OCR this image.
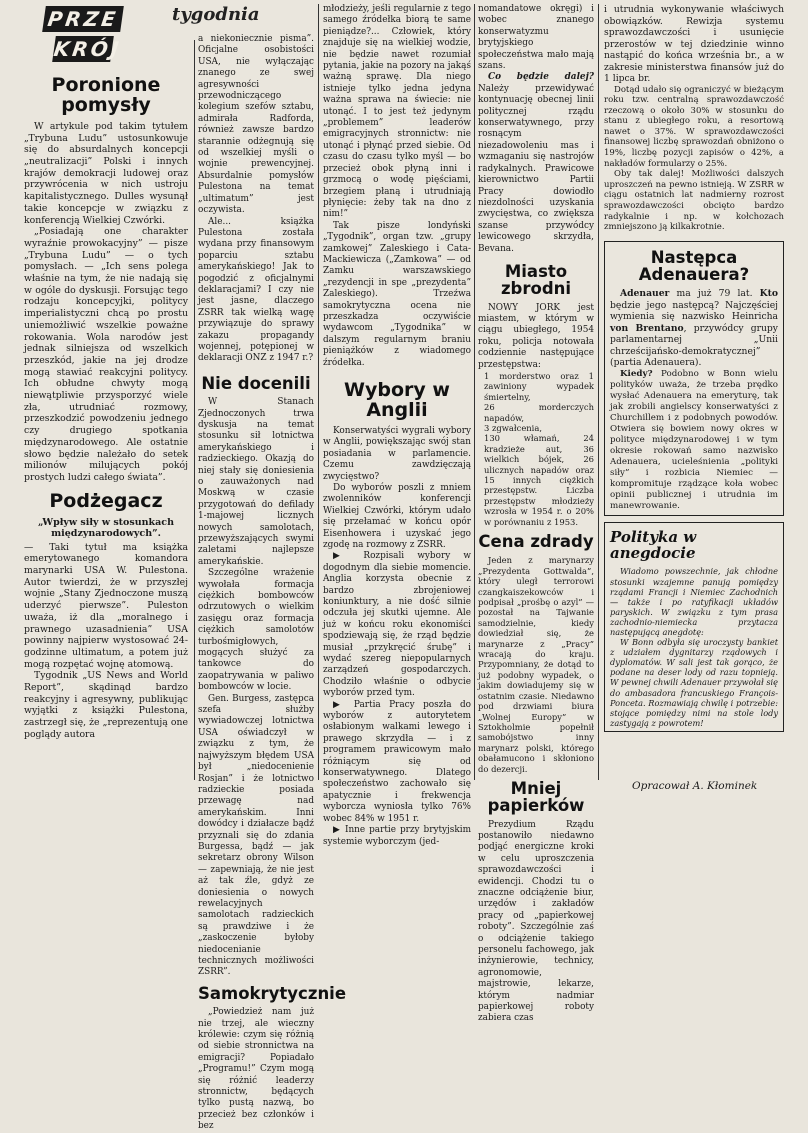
PRZE
KRÓJ
tygodnia
Poronione pomysły

W artykule pod takim tytułem „Trybuna Ludu” ustosunkowuje się do absurdalnych koncepcji „neutralizacji” Polski i innych krajów demokracji ludowej oraz przywrócenia w nich ustroju kapitalistycznego. Dulles wysunął takie koncepcje w związku z konferencją Wielkiej Czwórki.

„Posiadają one charakter wyraźnie prowokacyjny” — pisze „Trybuna Ludu” — o tych pomysłach. — „Ich sens polega właśnie na tym, że nie nadają się w ogóle do dyskusji. Forsując tego rodzaju koncepcyjki, politycy imperialistyczni chcą po prostu uniemożliwić wszelkie poważne rokowania. Wola narodów jest jednak silniejsza od wszelkich przeszkód, jakie na jej drodze mogą stawiać reakcyjni politycy. Ich obłudne chwyty mogą niewątpliwie przysporzyć wiele zła, utrudniać rozmowy, przeszkodzić powodzeniu jednego czy drugiego spotkania międzynarodowego. Ale ostatnie słowo będzie należało do setek milionów milujących pokój prostych ludzi całego świata”.

Podżegacz
„Wpływ siły w stosunkach międzynarodowych”.

— Taki tytuł ma książka emerytowanego komandora marynarki USA W. Pulestona. Autor twierdzi, że w przyszłej wojnie „Stany Zjednoczone muszą uderzyć pierwsze”. Puleston uważa, iż dla „moralnego i prawnego uzasadnienia” USA powinny najpierw wystosować 24-godzinne ultimatum, a potem już mogą rozpętać wojnę atomową.

Tygodnik „US News and World Report”, skądinąd bardzo reakcyjny i agresywny, publikując wyjątki z książki Pulestona, zastrzegł się, że „reprezentują one poglądy autora

a niekoniecznie pisma”. Oficjalne osobistości USA, nie wyłączając znanego ze swej agresywności przewodniczącego kolegium szefów sztabu, admirała Radforda, również zawsze bardzo starannie odżegnują się od wszelkiej myśli o wojnie prewencyjnej. Absurdalnie pomysłów Pulestona na temat „ultimatum” jest oczywista.

Ale... książka Pulestona została wydana przy finansowym poparciu sztabu amerykańskiego! Jak to pogodzić z oficjalnymi deklaracjami? I czy nie jest jasne, dlaczego ZSRR tak wielką wagę przywiązuje do sprawy zakazu propagandy wojennej, potępionej w deklaracji ONZ z 1947 r.?

Nie docenili

W Stanach Zjednoczonych trwa dyskusja na temat stosunku sił lotnictwa amerykańskiego i radzieckiego. Okazją do niej stały się doniesienia o zauważonych nad Moskwą w czasie przygotowań do defilady 1-majowej licznych nowych samolotach, przewyższających swymi zaletami najlepsze amerykańskie.

Szczególne wrażenie wywołała formacja ciężkich bombowców odrzutowych o wielkim zasięgu oraz formacja ciężkich samolotów turbośmigłowych, mogących służyć za tankowce do zaopatrywania w paliwo bombowców w locie.

Gen. Burgess, zastępca szefa służby wywiadowczej lotnictwa USA oświadczył w związku z tym, że najwyższym błędem USA był „niedocenienie Rosjan” i że lotnictwo radzieckie posiada przewagę nad amerykańskim. Inni dowódcy i działacze bądź przyznali się do zdania Burgessa, bądź — jak sekretarz obrony Wilson — zapewniają, że nie jest aż tak źle, gdyż ze doniesienia o nowych rewelacyjnych samolotach radzieckich są prawdziwe i że „zaskoczenie byłoby niedocenianie technicznych możliwości ZSRR”.

Samokrytycznie

„Powiedzież nam już nie trzej, ale wieczny królewie: czym się różnią od siebie stronnictwa na emigracji? Popiadało „Programu!” Czym mogą się różnić leaderzy stronnictw, będących tylko pustą nazwą, bo przecież bez członków i bez

młodzieży, jeśli regularnie z tego samego źródełka biorą te same pieniądze?... Człowiek, który znajduje się na wielkiej wodzie, nie będzie nawet rozumiał pytania, jakie na pozory na jakąś ważną sprawę. Dla niego istnieje tylko jedna jedyna ważna sprawa na świecie: nie utonąć. I to jest też jedynym „problemem” leaderów emigracyjnych stronnictw: nie utonąć i płynąć przed siebie. Od czasu do czasu tylko myśl — bo przecież obok płyną inni i grzmocą o wodę pięściami, brzegiem płaną i utrudniają płynięcie: żeby tak na dno z nim!”

Tak pisze londyński „Tygodnik”, organ tzw. „grupy zamkowej” Zaleskiego i Cata-Mackiewicza („Zamkowa” — od Zamku warszawskiego „rezydencji in spe „prezydenta” Zaleskiego). Trzeźwa samokrytyczna ocena nie przeszkadza oczywiście wydawcom „Tygodnika” w dalszym regularnym braniu pieniążków z wiadomego źródełka.

Wybory w Anglii

Konserwatyści wygrali wybory w Anglii, powiększając swój stan posiadania w parlamencie. Czemu zawdzięczają zwycięstwo?

Do wyborów poszli z mniem zwolenników konferencji Wielkiej Czwórki, którym udało się przełamać w końcu opór Eisenhowera i uzyskać jego zgodę na rozmowy z ZSRR.

▶ Rozpisali wybory w dogodnym dla siebie momencie. Anglia korzysta obecnie z bardzo zbrojeniowej koniunktury, a nie dość silnie odczuła jej skutki ujemne. Ale już w końcu roku ekonomiści spodziewają się, że rząd będzie musiał „przykręcić śrubę” i wydać szereg niepopularnych zarządzeń gospodarczych. Chodziło właśnie o odbycie wyborów przed tym.

▶ Partia Pracy poszła do wyborów z autorytetem osłabionym walkami lewego i prawego skrzydła — i z programem prawicowym mało różniącym się od konserwatywnego. Dlatego społeczeństwo zachowało się apatycznie i frekwencja wyborcza wyniosła tylko 76% wobec 84% w 1951 r.

▶ Inne partie przy brytyjskim systemie wyborczym (jed-

nomandatowe okręgi) i wobec znanego konserwatyzmu brytyjskiego społeczeństwa mało mają szans.

Co będzie dalej? Należy przewidywać kontynuację obecnej linii politycznej rządu konserwatywnego, przy rosnącym niezadowoleniu mas i wzmaganiu się nastrojów radykalnych. Prawicowe kierownictwo Partii Pracy dowiodło niezdolności uzyskania zwycięstwa, co zwiększa szanse przywódcy lewicowego skrzydła, Bevana.

Miasto zbrodni

NOWY JORK jest miastem, w którym w ciągu ubiegłego, 1954 roku, policja notowała codziennie następujące przestępstwa:

1 morderstwo oraz 1 zawiniony wypadek śmiertelny,
26 morderczych napadów,
3 zgwałcenia,
130 włamań, 24 kradzieże aut, 36 wielkich bójek, 26 ulicznych napadów oraz 15 innych ciężkich przestępstw. Liczba przestępstw młodzieży wzrosła w 1954 r. o 20% w porównaniu z 1953.
Cena zdrady

Jeden z marynarzy „Prezydenta Gottwalda”, który uległ terrorowi czangkaiszekowców i podpisał „prośbę o azyl” — pozostał na Tajwanie samodzielnie, kiedy dowiedział się, że marynarze z „Pracy” wracają do kraju. Przypomniany, że dotąd to już podobny wypadek, o jakim dowiadujemy się w ostatnim czasie. Niedawno pod drzwiami biura „Wolnej Europy” w Sztokholmie popełnił samobójstwo inny marynarz polski, którego obałamucono i skłoniono do dezercji.

Mniej papierków

Prezydium Rządu postanowiło niedawno podjąć energiczne kroki w celu uproszczenia sprawozdawczości i ewidencji. Chodzi tu o znaczne odciążenie biur, urzędów i zakładów pracy od „papierkowej roboty”. Szczególnie zaś o odciążenie takiego personelu fachowego, jak inżynierowie, technicy, agronomowie, majstrowie, lekarze, którym nadmiar papierkowej roboty zabiera czas

i utrudnia wykonywanie właściwych obowiązków. Rewizja systemu sprawozdawczości i usunięcie przerostów w tej dziedzinie winno nastąpić do końca września br., a w zakresie ministerstwa finansów już do 1 lipca br.

Dotąd udało się ograniczyć w bieżącym roku tzw. centralną sprawozdawczość rzeczową o około 30% w stosunku do stanu z ubiegłego roku, a resortową nawet o 37%. W sprawozdawczości finansowej liczbę sprawozdań obniżono o 19%, liczbę pozycji zapisów o 42%, a nakładów formularzy o 25%.

Oby tak dalej! Możliwości dalszych uproszczeń na pewno istnieją. W ZSRR w ciągu ostatnich lat nadmierny rozrost sprawozdawczości obcięto bardzo radykalnie i np. w kołchozach zmniejszono ją kilkakrotnie.

Następca Adenauera?

Adenauer ma już 79 lat. Kto będzie jego następcą? Najczęściej wymienia się nazwisko Heinricha von Brentano, przywódcy grupy parlamentarnej „Unii chrześcijańsko-demokratycznej” (partia Adenauera).

Kiedy? Podobno w Bonn wielu polityków uważa, że trzeba prędko wysłać Adenauera na emeryturę, tak jak zrobili angielscy konserwatyści z Churchillem i z podobnych powodów. Otwiera się bowiem nowy okres w polityce międzynarodowej i w tym okresie rokowań samo nazwisko Adenauera, ucieleśnienia „polityki siły” i rozbicia Niemiec — kompromituje rządzące koła wobec opinii publicznej i utrudnia im manewrowanie.

Polityka w anegdocie

Wiadomo powszechnie, jak chłodne stosunki wzajemne panują pomiędzy rządami Francji i Niemiec Zachodnich — także i po ratyfikacji układów paryskich. W związku z tym prasa zachodnio-niemiecka przytacza następującą anegdotę:

W Bonn odbyła się uroczysty bankiet z udziałem dygnitarzy rządowych i dyplomatów. W sali jest tak gorąco, że podane na deser lody od razu topnieją. W pewnej chwili Adenauer przywołał się do ambasadora francuskiego François-Ponceta. Rozmawiają chwilę i potrzebie: stojące pomiędzy nimi na stole lody zastygają z powrotem!

Opracował A. Kłominek
